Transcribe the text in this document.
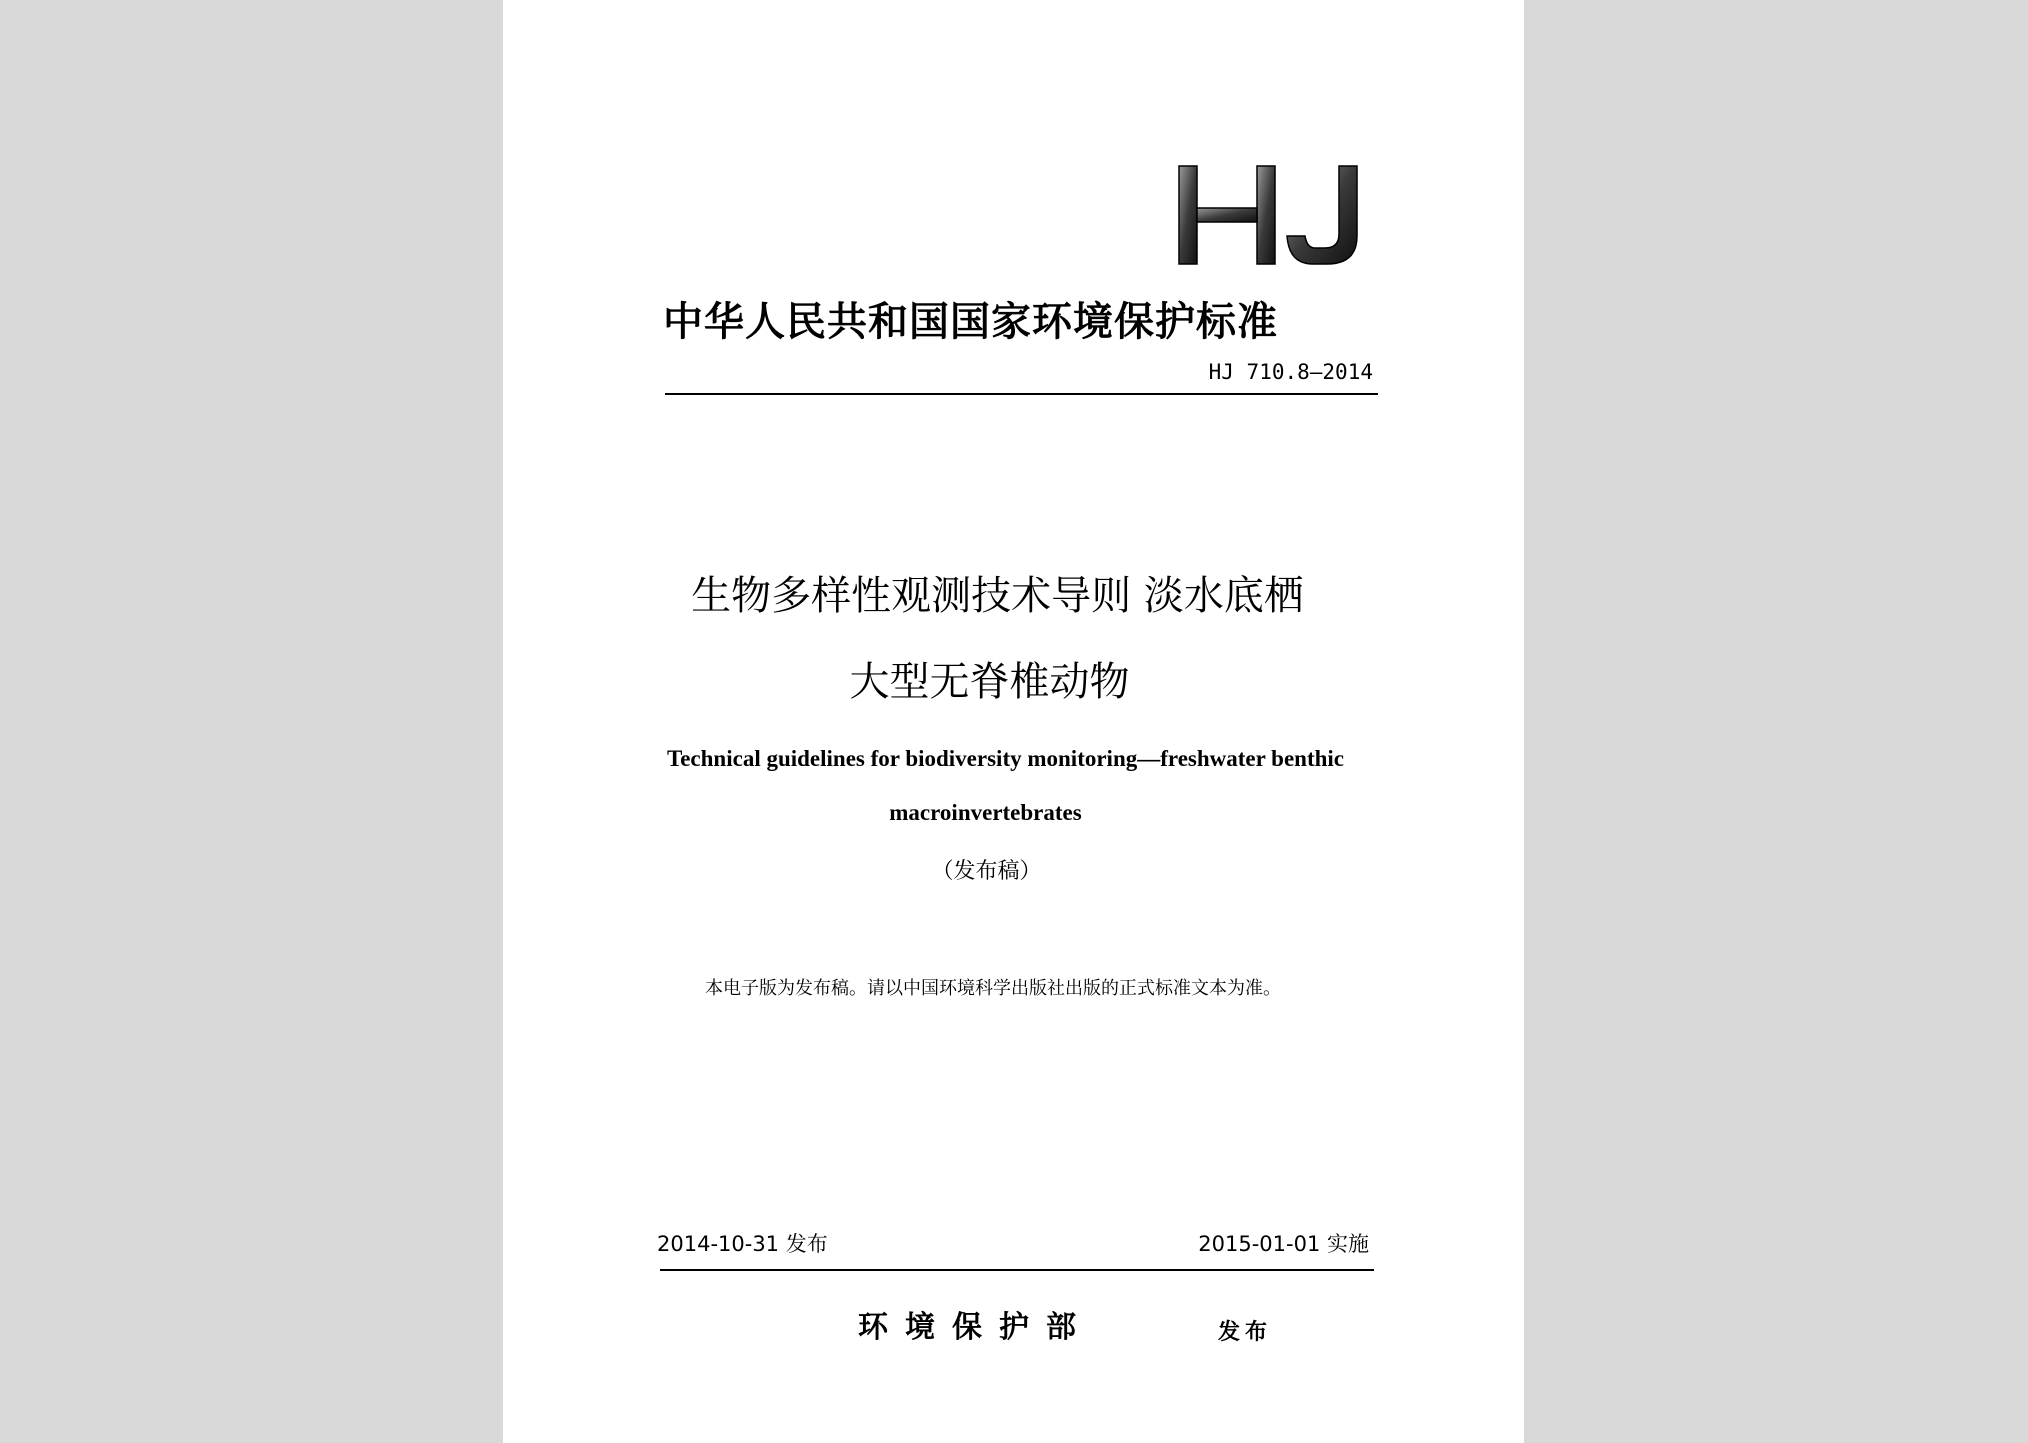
中华人民共和国国家环境保护标准
HJ 710.8—2014
生物多样性观测技术导则 淡水底栖
大型无脊椎动物
Technical guidelines for biodiversity monitoring—freshwater benthic
macroinvertebrates
（发布稿）
本电子版为发布稿。请以中国环境科学出版社出版的正式标准文本为准。
2014-10-31 发布	2015-01-01 实施
环境保护部	发布
